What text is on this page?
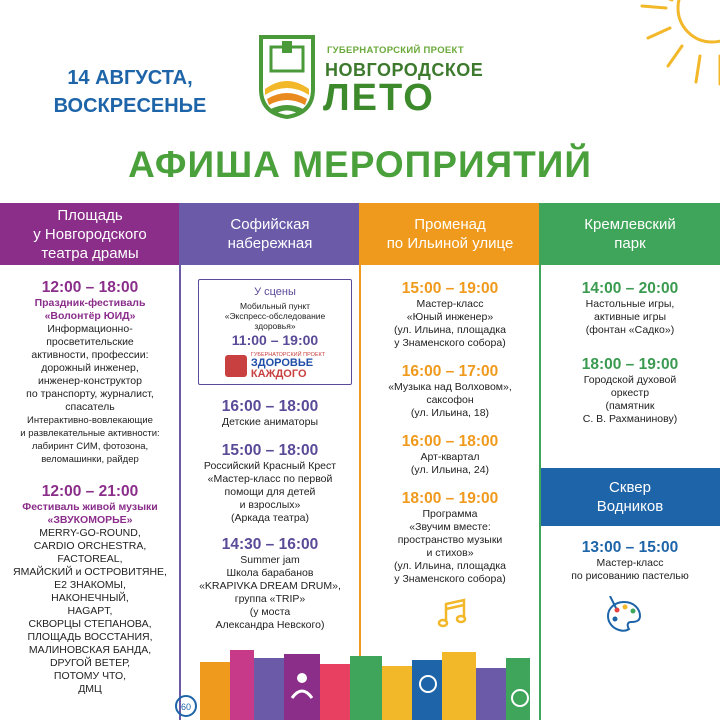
14 АВГУСТА,
ВОСКРЕСЕНЬЕ
ГУБЕРНАТОРСКИЙ ПРОЕКТ
НОВГОРОДСКОЕ
ЛЕТО
АФИША МЕРОПРИЯТИЙ
Площадь
у Новгородского
театра драмы
12:00 – 18:00
Праздник-фестиваль
«Волонтёр ЮИД»
Информационно-
просветительские
активности, профессии:
дорожный инженер,
инженер-конструктор
по транспорту, журналист,
спасатель
Интерактивно-вовлекающие
и развлекательные активности:
лабиринт СИМ, фотозона,
веломашинки, райдер
12:00 – 21:00
Фестиваль живой музыки
«ЗВУКОМОРЬЕ»
MERRY-GO-ROUND,
CARDIO ORCHESTRA,
FACTOREAL,
ЯМАЙСКИЙ и ОСТРОВИТЯНЕ,
Е2 ЗНАКОМЫ,
НАКОНЕЧНЫЙ,
HAGAPT,
СКВОРЦЫ СТЕПАНОВА,
ПЛОЩАДЬ ВОССТАНИЯ,
МАЛИНОВСКАЯ БАНДА,
DРУГОЙ ВЕТЕР,
ПОТОМУ ЧТО,
ДМЦ
Софийская
набережная
У сцены
Мобильный пункт
«Экспресс-обследование
здоровья»
11:00 – 19:00
ГУБЕРНАТОРСКИЙ ПРОЕКТ
ЗДОРОВЬЕ
КАЖДОГО
16:00 – 18:00
Детские аниматоры
15:00 – 18:00
Российский Красный Крест
«Мастер-класс по первой
помощи для детей
и взрослых»
(Аркада театра)
14:30 – 16:00
Summer jam
Школа барабанов
«KRAPIVKA DREAM DRUM»,
группа «TRIP»
(у моста
Александра Невского)
Променад
по Ильиной улице
15:00 – 19:00
Мастер-класс
«Юный инженер»
(ул. Ильина, площадка
у Знаменского собора)
16:00 – 17:00
«Музыка над Волховом»,
саксофон
(ул. Ильина, 18)
16:00 – 18:00
Арт-квартал
(ул. Ильина, 24)
18:00 – 19:00
Программа
«Звучим вместе:
пространство музыки
и стихов»
(ул. Ильина, площадка
у Знаменского собора)
Кремлевский
парк
14:00 – 20:00
Настольные игры,
активные игры
(фонтан «Садко»)
18:00 – 19:00
Городской духовой
оркестр
(памятник
С. В. Рахманинову)
Сквер
Водников
13:00 – 15:00
Мастер-класс
по рисованию пастелью
60
